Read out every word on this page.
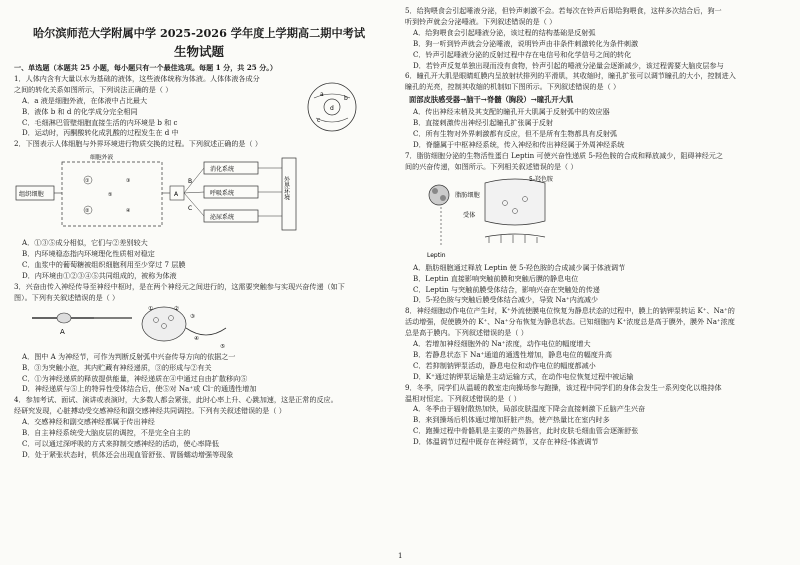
哈尔滨师范大学附属中学 2025-2026 学年度上学期高二期中考试

生物试题

一、单选题（本题共 25 小题，每小题只有一个最佳选项。每题 1 分，共 25 分。）

1．人体内含有大量以水为基础的液体，这些液体统称为体液。人体体液各成分

之间的转化关系如图所示，下列说法正确的是（ ）

a
b
c
d

A．a 液是细胞外液，在体液中占比最大

B．液体 b 和 d 的化学成分完全相同

C．毛细淋巴管壁细胞直接生活的内环境是 b 和 c

D．运动时，丙酮酸转化成乳酸的过程发生在 d 中

2．下图表示人体细胞与外界环境进行物质交换的过程。下列叙述正确的是（ ）

组织细胞
细胞外液
①
②
③
④
⑤	A
消化系统
呼吸系统
泌尿系统
B
C
外界环境

A．①③⑤成分相似，它们与②差别较大

B．内环境稳态指内环境理化性质相对稳定

C．血浆中的葡萄糖被组织细胞利用至少穿过 7 层膜

D．内环境由①②③④⑤共同组成的，被称为体液

3．兴奋由传入神经传导至神经中枢时，是在两个神经元之间进行的，这需要突触参与实现兴奋传递（如下

图）。下列有关叙述错误的是（ ）

A
①	②
③
④
⑤

A．图中 A 为神经节，可作为判断反射弧中兴奋传导方向的依据之一

B．③为突触小泡，其内贮藏有神经递质，③的形成与②有关

C．①为神经递质的释放提供能量，神经递质在④中通过自由扩散移向⑤

D．神经递质与⑤上的特异性受体结合后，使⑤对 Na⁺或 Cl⁻的通透性增加

4．参加考试、面试、演讲或表演时，大多数人都会紧张，此时心率上升、心跳加速，这是正常的反应。

经研究发现，心脏搏动受交感神经和副交感神经共同调控。下列有关叙述错误的是（ ）

A．交感神经和副交感神经都属于传出神经

B．自主神经系统受大脑皮层的调控，不是完全自主的

C．可以通过深呼吸的方式来抑制交感神经的活动，使心率降低

D．处于紧张状态时，机体还会出现血管舒张、胃肠蠕动增强等现象

5．给狗喂食会引起唾液分泌，但铃声刺激不会。若每次在铃声后即给狗喂食，这样多次结合后，狗一

听到铃声就会分泌唾液。下列叙述错误的是（ ）

A．给狗喂食会引起唾液分泌，该过程的结构基础是反射弧

B．狗一听到铃声就会分泌唾液，说明铃声由非条件刺激转化为条件刺激

C．铃声引起唾液分泌的反射过程中存在电信号和化学信号之间的转化

D．若铃声反复单独出现而没有食物，铃声引起的唾液分泌量会逐渐减少，该过程需要大脑皮层参与

6．瞳孔开大肌是眼睛虹膜内呈放射状排列的平滑肌，其收缩时，瞳孔扩张可以调节瞳孔的大小，控制进入

瞳孔的光亮，控制其收缩的机制如下图所示。下列叙述错误的是（ ）

面部皮肤感受器→脑干→脊髓（胸段）→瞳孔开大肌

A．传出神经末梢及其支配的瞳孔开大肌属于反射弧中的效应器

B．直接刺激传出神经引起瞳孔扩张属于反射

C．所有生物对外界刺激都有反应，但不是所有生物都具有反射弧

D．脊髓属于中枢神经系统，传入神经和传出神经属于外周神经系统

7．脂肪细胞分泌的生物活性蛋白 Leptin 可使兴奋性递质 5-羟色胺的合成和释放减少，阻碍神经元之

间的兴奋传递，如图所示。下列相关叙述错误的是（ ）

脂肪细胞
5-羟色胺
受体
Leptin

A．脂肪细胞通过释放 Leptin 使 5-羟色胺的合成减少属于体液调节

B．Leptin 直接影响突触前膜和突触后膜的静息电位

C．Leptin 与突触前膜受体结合，影响兴奋在突触处的传递

D．5-羟色胺与突触后膜受体结合减少，导致 Na⁺内流减少

8．神经细胞动作电位产生时，K⁺外流使膜电位恢复为静息状态的过程中，膜上的钠钾泵转运 K⁺、Na⁺的

活动增强，促使膜外的 K⁺、Na⁺分布恢复为静息状态。已知细胞内 K⁺浓度总是高于膜外，膜外 Na⁺浓度

总是高于膜内。下列叙述错误的是（ ）

A．若增加神经细胞外的 Na⁺浓度，动作电位的幅度增大

B．若静息状态下 Na⁺通道的通透性增加，静息电位的幅度升高

C．若抑制钠钾泵活动，静息电位和动作电位的幅度都减小

D．K⁺通过钠钾泵运输是主动运输方式，在动作电位恢复过程中被运输

9．冬季，同学们从温暖的教室走向操场参与跑操，该过程中同学们的身体会发生一系列变化以维持体

温相对恒定。下列叙述错误的是（ ）

A．冬季由于辐射散热加快，局部皮肤温度下降会直接刺激下丘脑产生兴奋

B．来到操场后机体通过增加肝脏产热，使产热量比在室内时多

C．跑操过程中骨骼肌是主要的产热器官，此时皮肤毛细血管会逐渐舒张

D．体温调节过程中既存在神经调节，又存在神经-体液调节

1
